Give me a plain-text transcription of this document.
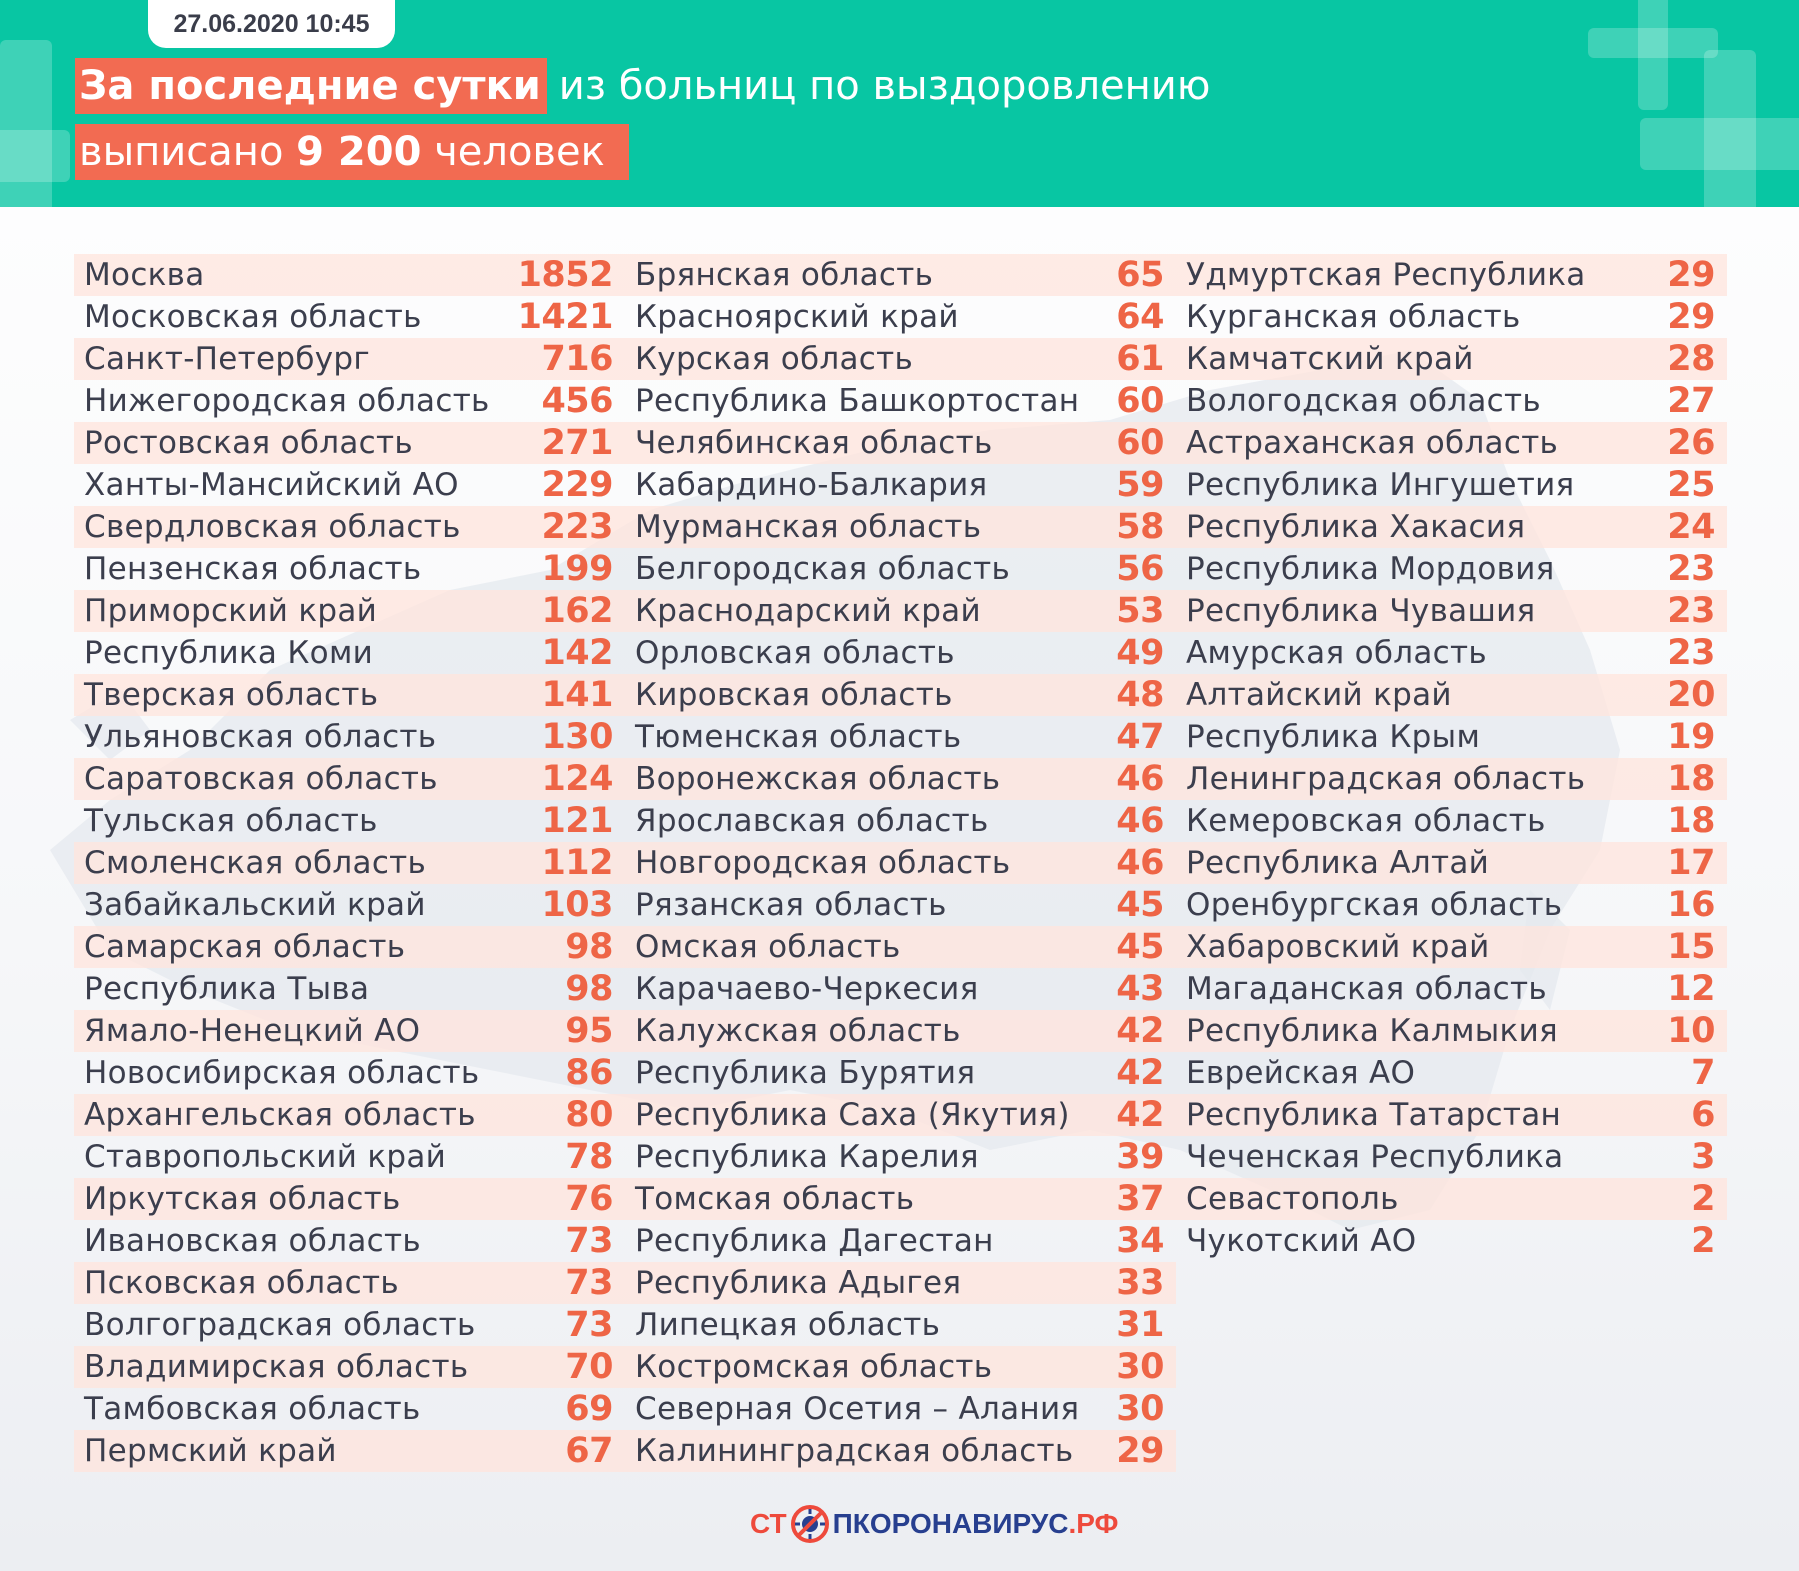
27.06.2020 10:45
За последние сутки из больниц по выздоровлению
выписано 9 200 человек
Москва	1852
Московская область	1421
Санкт-Петербург	716
Нижегородская область 456
Ростовская область	271
Ханты-Мансийский АО 229
Свердловская область 223
Пензенская область	199
Приморский край	162
Республика Коми	142
Тверская область	141
Ульяновская область	130
Саратовская область	124
Тульская область	121
Смоленская область	112
Забайкальский край	103
Самарская область	98
Республика Тыва	98
Ямало-Ненецкий АО	95
Новосибирская область 86
Архангельская область	80
Ставропольский край	78
Иркутская область	76
Ивановская область	73
Псковская область	73
Волгоградская область	73
Владимирская область	70
Тамбовская область	69
Пермский край	67
Брянская область	65
Красноярский край	64
Курская область	61
Республика Башкортостан 60
Челябинская область	60
Кабардино-Балкария	59
Мурманская область	58
Белгородская область	56
Краснодарский край	53
Орловская область	49
Кировская область	48
Тюменская область	47
Воронежская область	46
Ярославская область	46
Новгородская область	46
Рязанская область	45
Омская область	45
Карачаево-Черкесия	43
Калужская область	42
Республика Бурятия	42
Республика Саха (Якутия) 42
Республика Карелия	39
Томская область	37
Республика Дагестан	34
Республика Адыгея	33
Липецкая область	31
Костромская область	30
Северная Осетия – Алания 30
Калининградская область 29
Удмуртская Республика 29
Курганская область	29
Камчатский край	28
Вологодская область	27
Астраханская область	26
Республика Ингушетия	25
Республика Хакасия	24
Республика Мордовия	23
Республика Чувашия	23
Амурская область	23
Алтайский край	20
Республика Крым	19
Ленинградская область 18
Кемеровская область	18
Республика Алтай	17
Оренбургская область	16
Хабаровский край	15
Магаданская область	12
Республика Калмыкия	10
Еврейская АО	7
Республика Татарстан	6
Чеченская Республика	3
Севастополь	2
Чукотский АО	2
СТ ПКОРОНАВИРУС .РФ
